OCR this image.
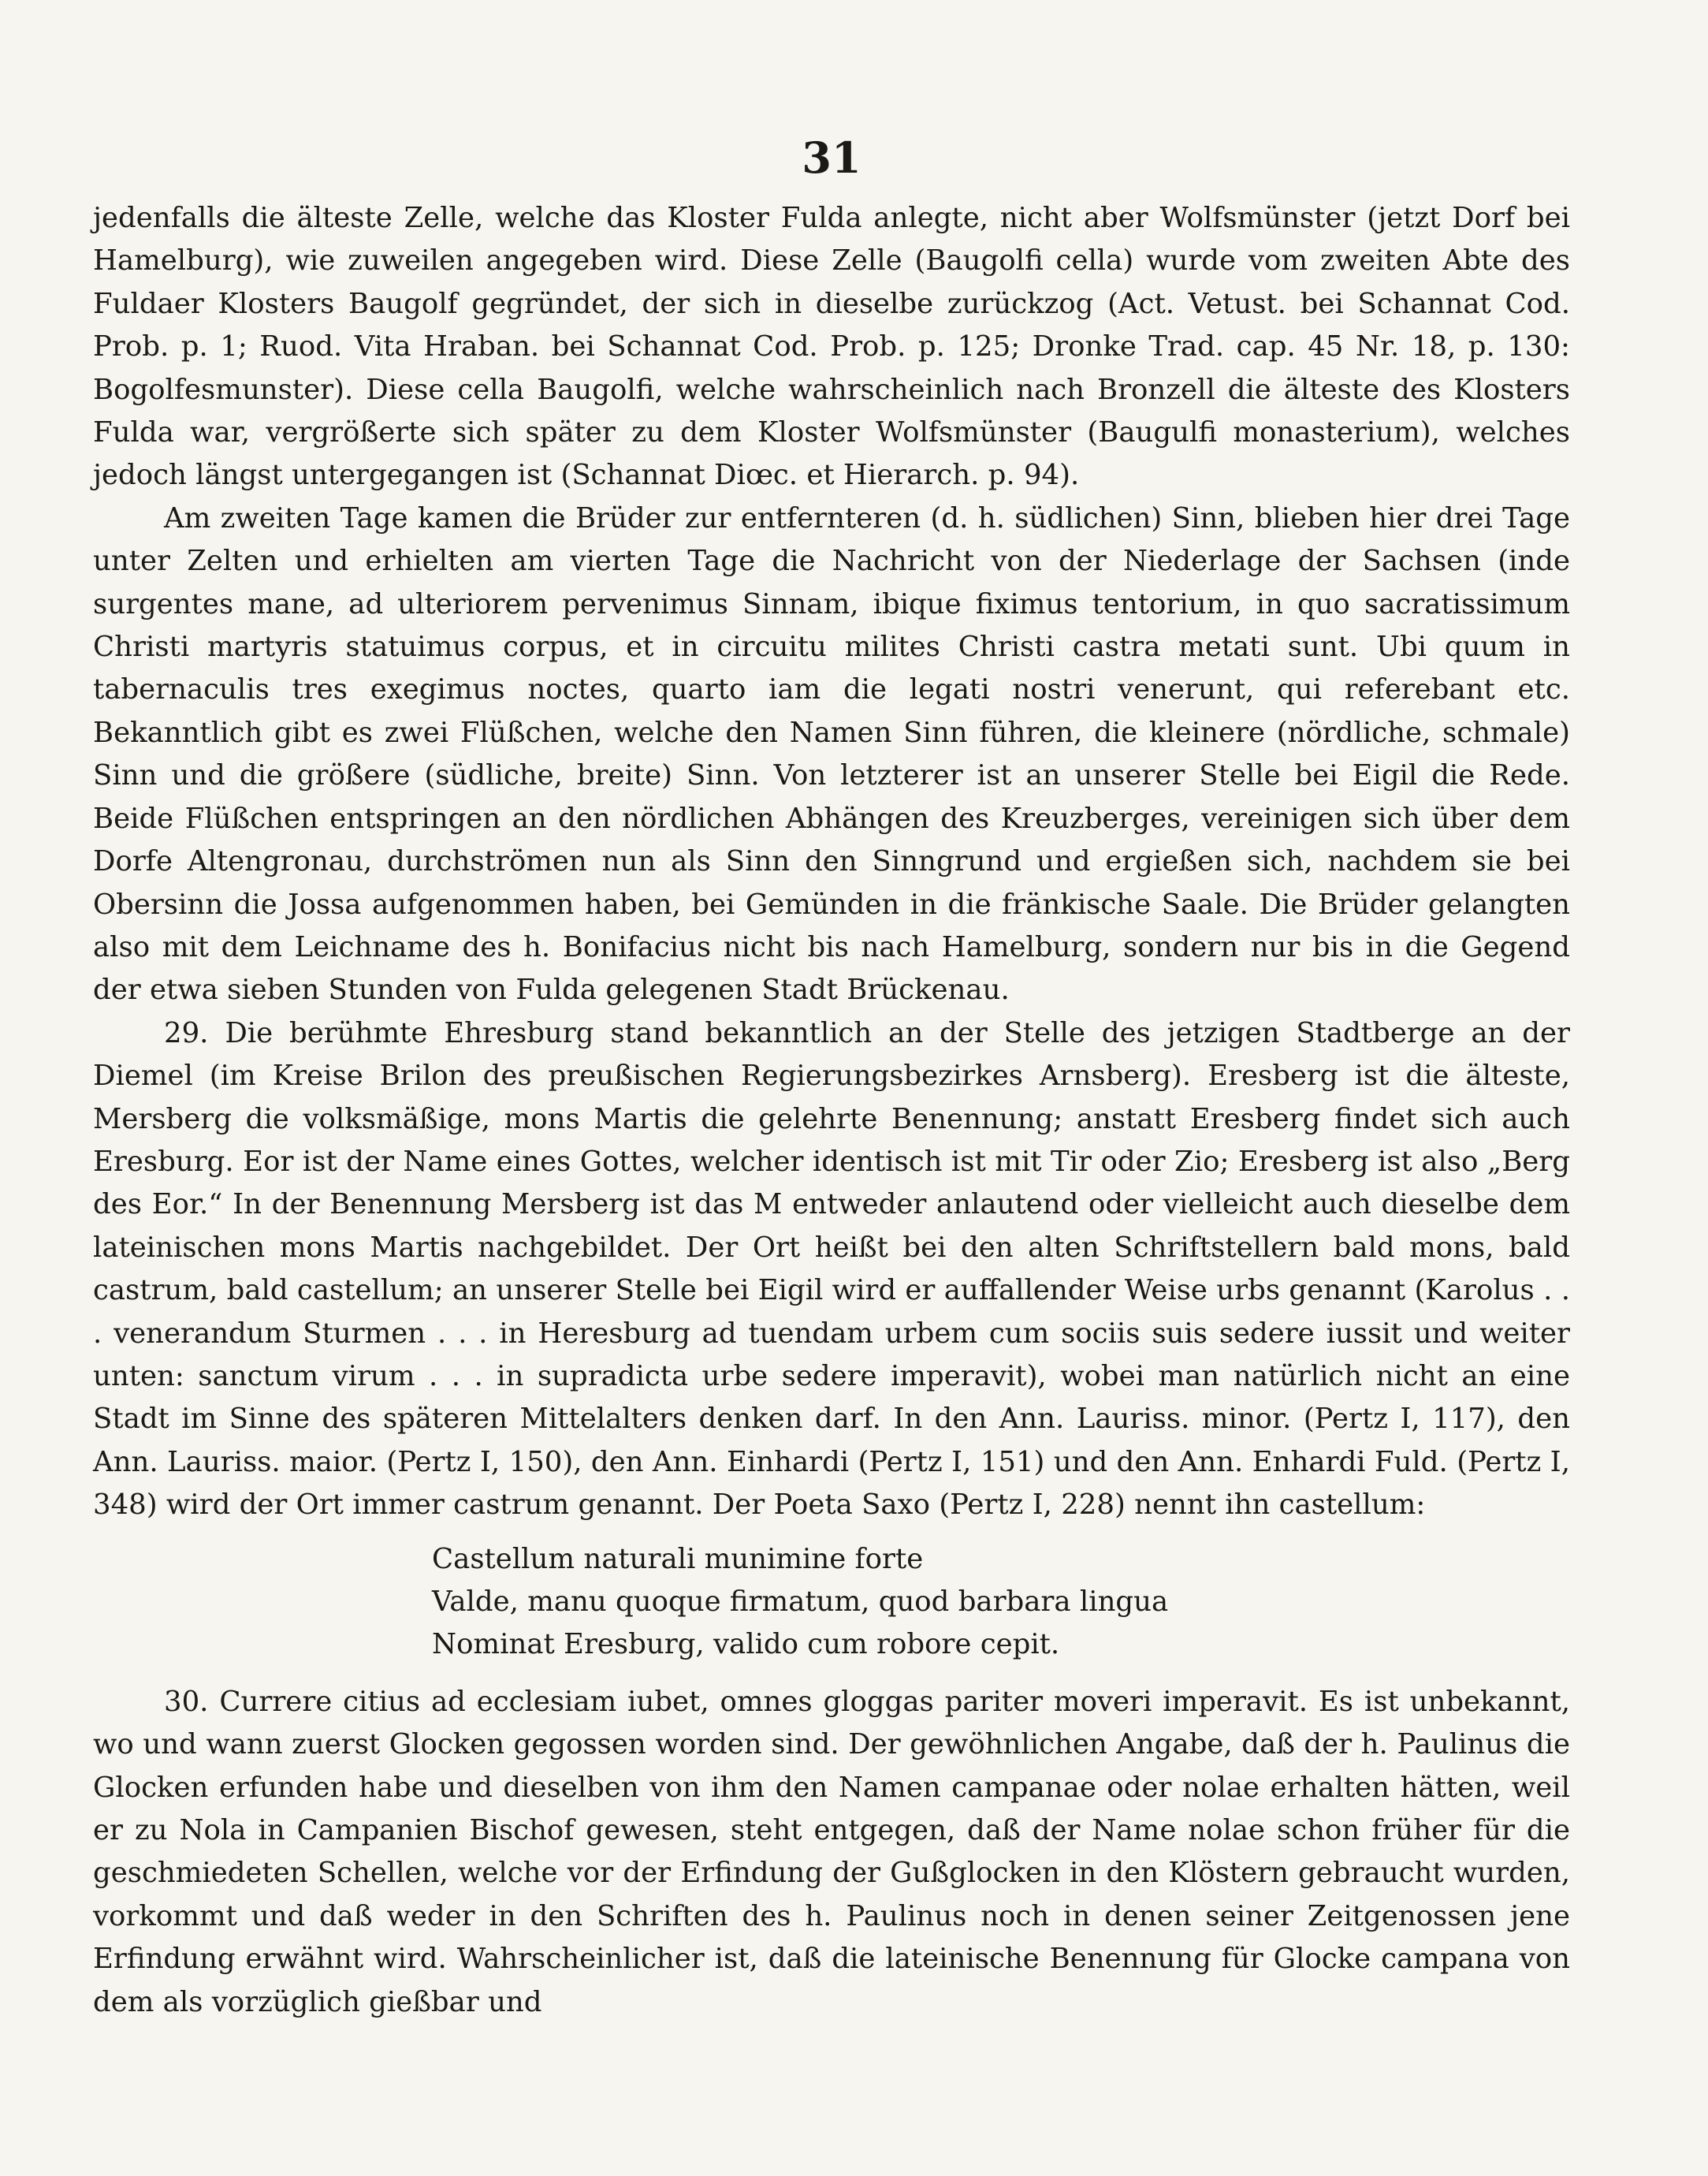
31

jedenfalls die älteste Zelle, welche das Kloster Fulda anlegte, nicht aber Wolfsmünster (jetzt Dorf bei Hamelburg), wie zuweilen angegeben wird. Diese Zelle (Baugolfi cella) wurde vom zweiten Abte des Fuldaer Klosters Baugolf gegründet, der sich in dieselbe zurückzog (Act. Vetust. bei Schannat Cod. Prob. p. 1; Ruod. Vita Hraban. bei Schannat Cod. Prob. p. 125; Dronke Trad. cap. 45 Nr. 18, p. 130: Bogolfesmunster). Diese cella Baugolfi, welche wahrscheinlich nach Bronzell die älteste des Klosters Fulda war, vergrößerte sich später zu dem Kloster Wolfsmünster (Baugulfi monasterium), welches jedoch längst untergegangen ist (Schannat Diœc. et Hierarch. p. 94).

Am zweiten Tage kamen die Brüder zur entfernteren (d. h. südlichen) Sinn, blieben hier drei Tage unter Zelten und erhielten am vierten Tage die Nachricht von der Niederlage der Sachsen (inde surgentes mane, ad ulteriorem pervenimus Sinnam, ibique fiximus tentorium, in quo sacratissimum Christi martyris statuimus corpus, et in circuitu milites Christi castra metati sunt. Ubi quum in tabernaculis tres exegimus noctes, quarto iam die legati nostri venerunt, qui referebant etc. Bekanntlich gibt es zwei Flüßchen, welche den Namen Sinn führen, die kleinere (nördliche, schmale) Sinn und die größere (südliche, breite) Sinn. Von letzterer ist an unserer Stelle bei Eigil die Rede. Beide Flüßchen entspringen an den nördlichen Abhängen des Kreuzberges, vereinigen sich über dem Dorfe Altengronau, durchströmen nun als Sinn den Sinngrund und ergießen sich, nachdem sie bei Obersinn die Jossa aufgenommen haben, bei Gemünden in die fränkische Saale. Die Brüder gelangten also mit dem Leichname des h. Bonifacius nicht bis nach Hamelburg, sondern nur bis in die Gegend der etwa sieben Stunden von Fulda gelegenen Stadt Brückenau.

29. Die berühmte Ehresburg stand bekanntlich an der Stelle des jetzigen Stadtberge an der Diemel (im Kreise Brilon des preußischen Regierungsbezirkes Arnsberg). Eresberg ist die älteste, Mersberg die volksmäßige, mons Martis die gelehrte Benennung; anstatt Eresberg findet sich auch Eresburg. Eor ist der Name eines Gottes, welcher identisch ist mit Tir oder Zio; Eresberg ist also „Berg des Eor.“ In der Benennung Mersberg ist das M entweder anlautend oder vielleicht auch dieselbe dem lateinischen mons Martis nachgebildet. Der Ort heißt bei den alten Schriftstellern bald mons, bald castrum, bald castellum; an unserer Stelle bei Eigil wird er auffallender Weise urbs genannt (Karolus . . . venerandum Sturmen . . . in Heresburg ad tuendam urbem cum sociis suis sedere iussit und weiter unten: sanctum virum . . . in supradicta urbe sedere imperavit), wobei man natürlich nicht an eine Stadt im Sinne des späteren Mittelalters denken darf. In den Ann. Lauriss. minor. (Pertz I, 117), den Ann. Lauriss. maior. (Pertz I, 150), den Ann. Einhardi (Pertz I, 151) und den Ann. Enhardi Fuld. (Pertz I, 348) wird der Ort immer castrum genannt. Der Poeta Saxo (Pertz I, 228) nennt ihn castellum:

Castellum naturali munimine forte
Valde, manu quoque firmatum, quod barbara lingua
Nominat Eresburg, valido cum robore cepit.

30. Currere citius ad ecclesiam iubet, omnes gloggas pariter moveri imperavit. Es ist unbekannt, wo und wann zuerst Glocken gegossen worden sind. Der gewöhnlichen Angabe, daß der h. Paulinus die Glocken erfunden habe und dieselben von ihm den Namen campanae oder nolae erhalten hätten, weil er zu Nola in Campanien Bischof gewesen, steht entgegen, daß der Name nolae schon früher für die geschmiedeten Schellen, welche vor der Erfindung der Gußglocken in den Klöstern gebraucht wurden, vorkommt und daß weder in den Schriften des h. Paulinus noch in denen seiner Zeitgenossen jene Erfindung erwähnt wird. Wahrscheinlicher ist, daß die lateinische Benennung für Glocke campana von dem als vorzüglich gießbar und
